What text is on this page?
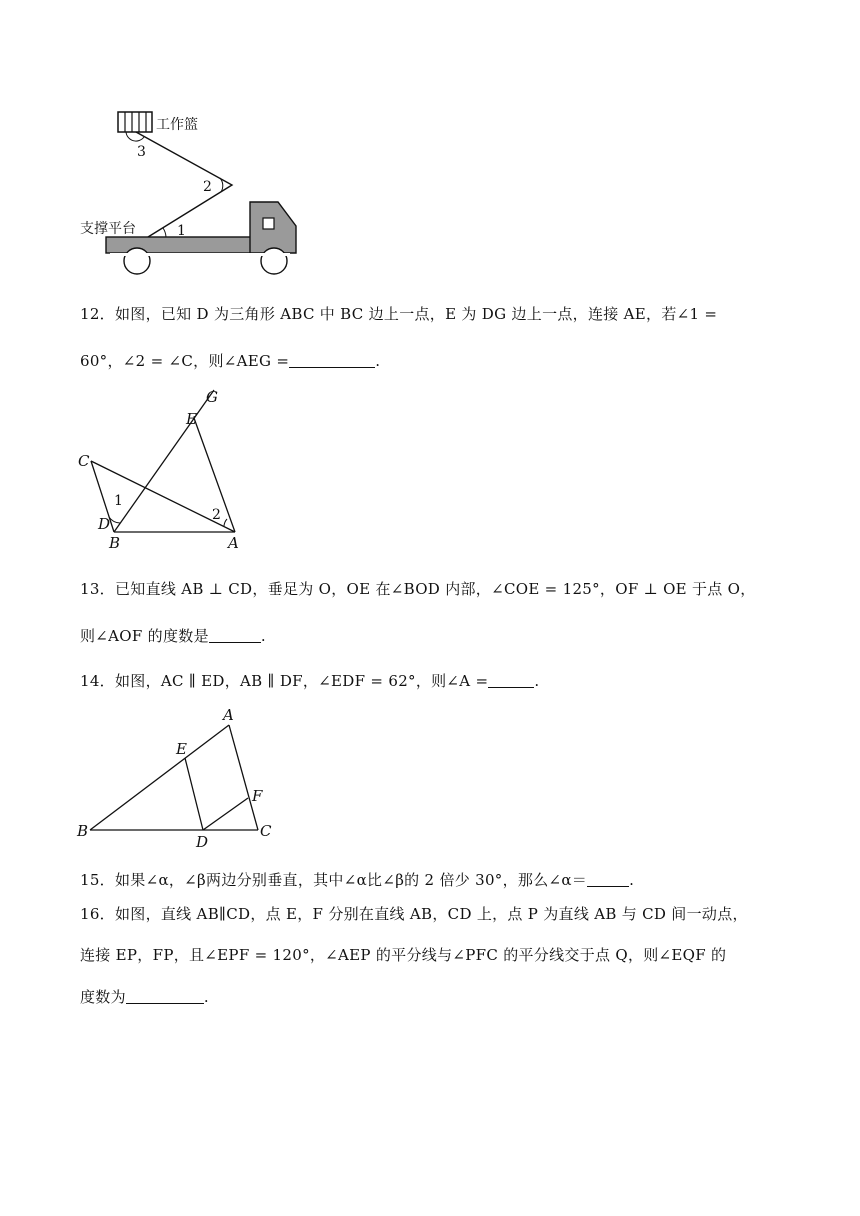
工作篮
支撑平台
3
2
1
12．如图，已知 D 为三角形 ABC 中 BC 边上一点，E 为 DG 边上一点，连接 AE，若∠1 =
60°，∠2 = ∠C，则∠AEG =	.
G
E
C
D
B	A
1
2
13．已知直线 AB ⊥ CD，垂足为 O，OE 在∠BOD 内部，∠COE = 125°，OF ⊥ OE 于点 O，
则∠AOF 的度数是	.
14．如图，AC ∥ ED，AB ∥ DF，∠EDF = 62°，则∠A =	.
A
E
F
B
D
C
15．如果∠α，∠β两边分别垂直，其中∠α比∠β的 2 倍少 30°，那么∠α＝	.
16．如图，直线 AB∥CD，点 E，F 分别在直线 AB，CD 上，点 P 为直线 AB 与 CD 间一动点，
连接 EP，FP，且∠EPF = 120°，∠AEP 的平分线与∠PFC 的平分线交于点 Q，则∠EQF 的
度数为	.
